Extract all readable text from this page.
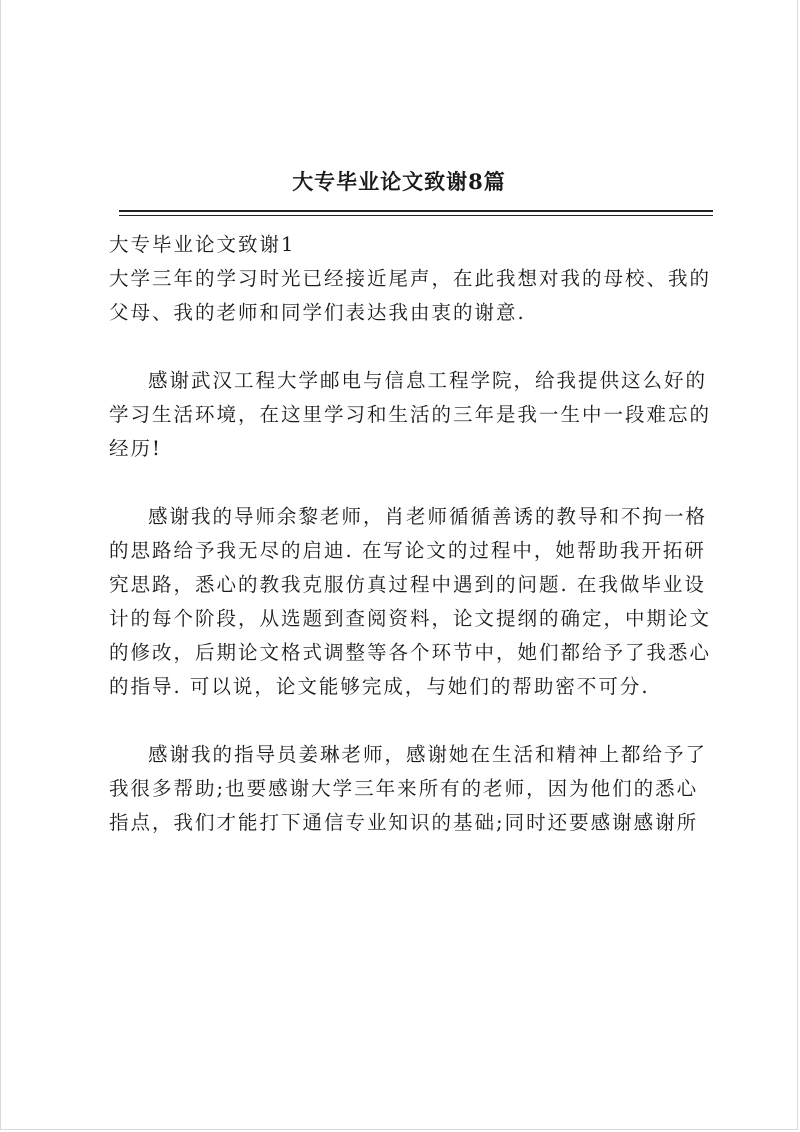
大专毕业论文致谢8篇

大专毕业论文致谢1

大学三年的学习时光已经接近尾声，在此我想对我的母校、我的父母、我的老师和同学们表达我由衷的谢意.

感谢武汉工程大学邮电与信息工程学院，给我提供这么好的学习生活环境，在这里学习和生活的三年是我一生中一段难忘的经历!

感谢我的导师余黎老师，肖老师循循善诱的教导和不拘一格的思路给予我无尽的启迪. 在写论文的过程中，她帮助我开拓研究思路，悉心的教我克服仿真过程中遇到的问题. 在我做毕业设计的每个阶段，从选题到查阅资料，论文提纲的确定，中期论文的修改，后期论文格式调整等各个环节中，她们都给予了我悉心的指导. 可以说，论文能够完成，与她们的帮助密不可分.

感谢我的指导员姜琳老师，感谢她在生活和精神上都给予了我很多帮助;也要感谢大学三年来所有的老师，因为他们的悉心指点，我们才能打下通信专业知识的基础;同时还要感谢感谢所
